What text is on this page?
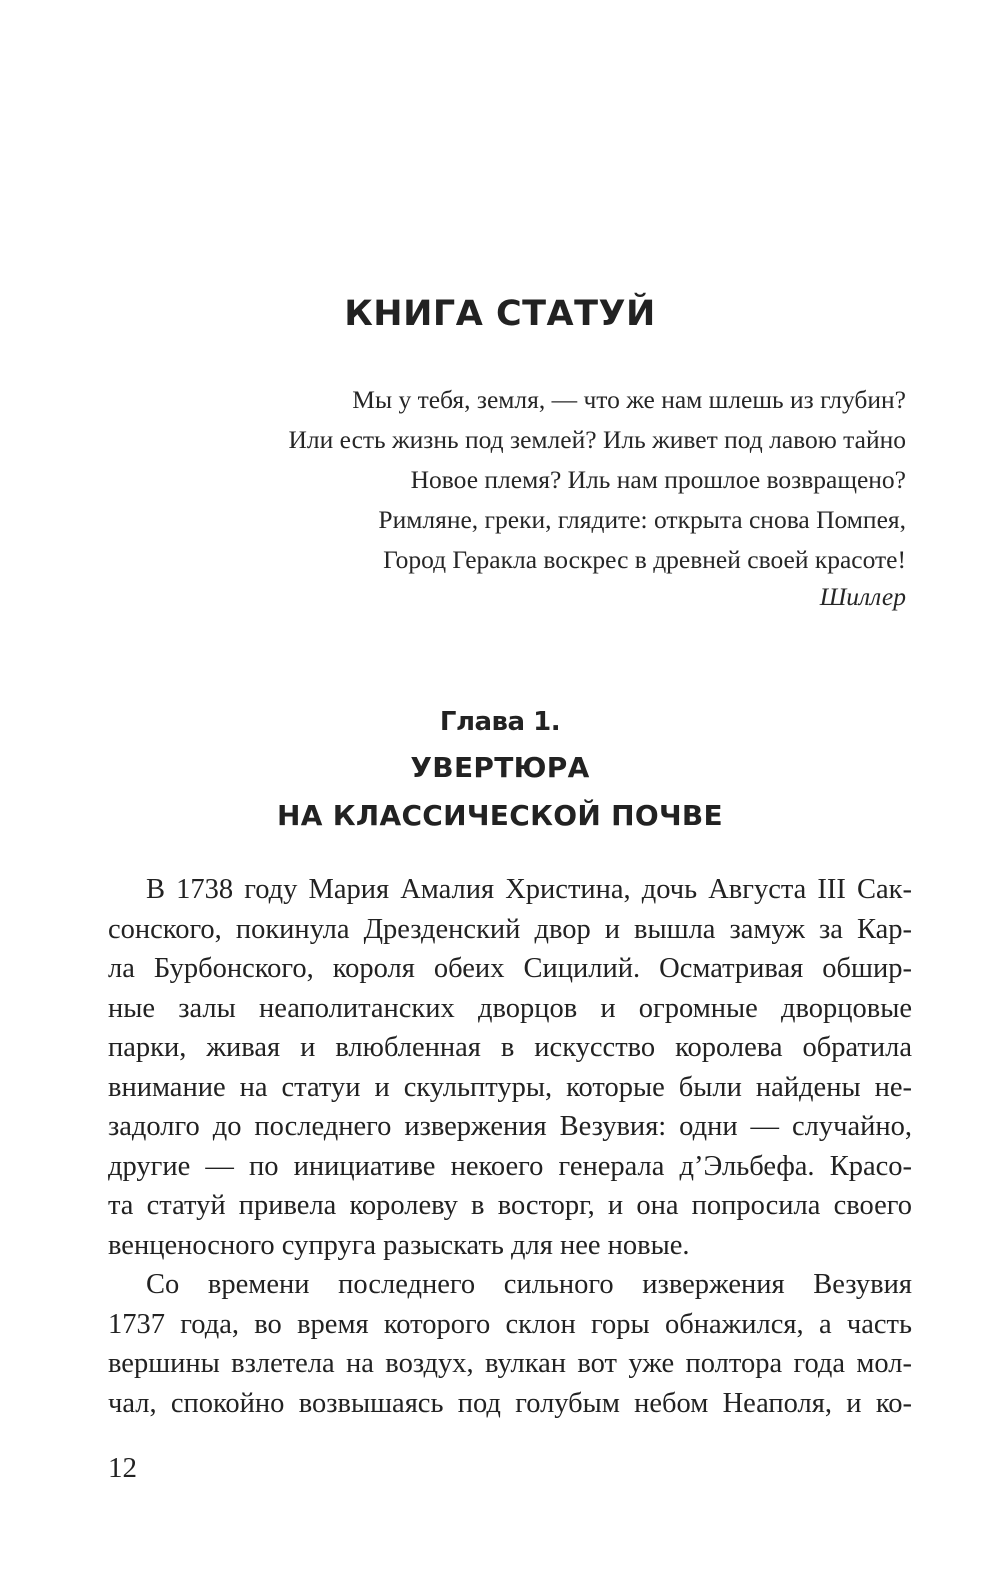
КНИГА СТАТУЙ
Мы у тебя, земля, — что же нам шлешь из глубин?
Или есть жизнь под землей? Иль живет под лавою тайно
Новое племя? Иль нам прошлое возвращено?
Римляне, греки, глядите: открыта снова Помпея,
Город Геракла воскрес в древней своей красоте!
Шиллер
Глава 1.
УВЕРТЮРА
НА КЛАССИЧЕСКОЙ ПОЧВЕ
В 1738 году Мария Амалия Христина, дочь Августа III Сак-
сонского, покинула Дрезденский двор и вышла замуж за Кар-
ла Бурбонского, короля обеих Сицилий. Осматривая обшир-
ные залы неаполитанских дворцов и огромные дворцовые
парки, живая и влюбленная в искусство королева обратила
внимание на статуи и скульптуры, которые были найдены не-
задолго до последнего извержения Везувия: одни — случайно,
другие — по инициативе некоего генерала д’Эльбефа. Красо-
та статуй привела королеву в восторг, и она попросила своего
венценосного супруга разыскать для нее новые.
Со времени последнего сильного извержения Везувия
1737 года, во время которого склон горы обнажился, а часть
вершины взлетела на воздух, вулкан вот уже полтора года мол-
чал, спокойно возвышаясь под голубым небом Неаполя, и ко-
12
